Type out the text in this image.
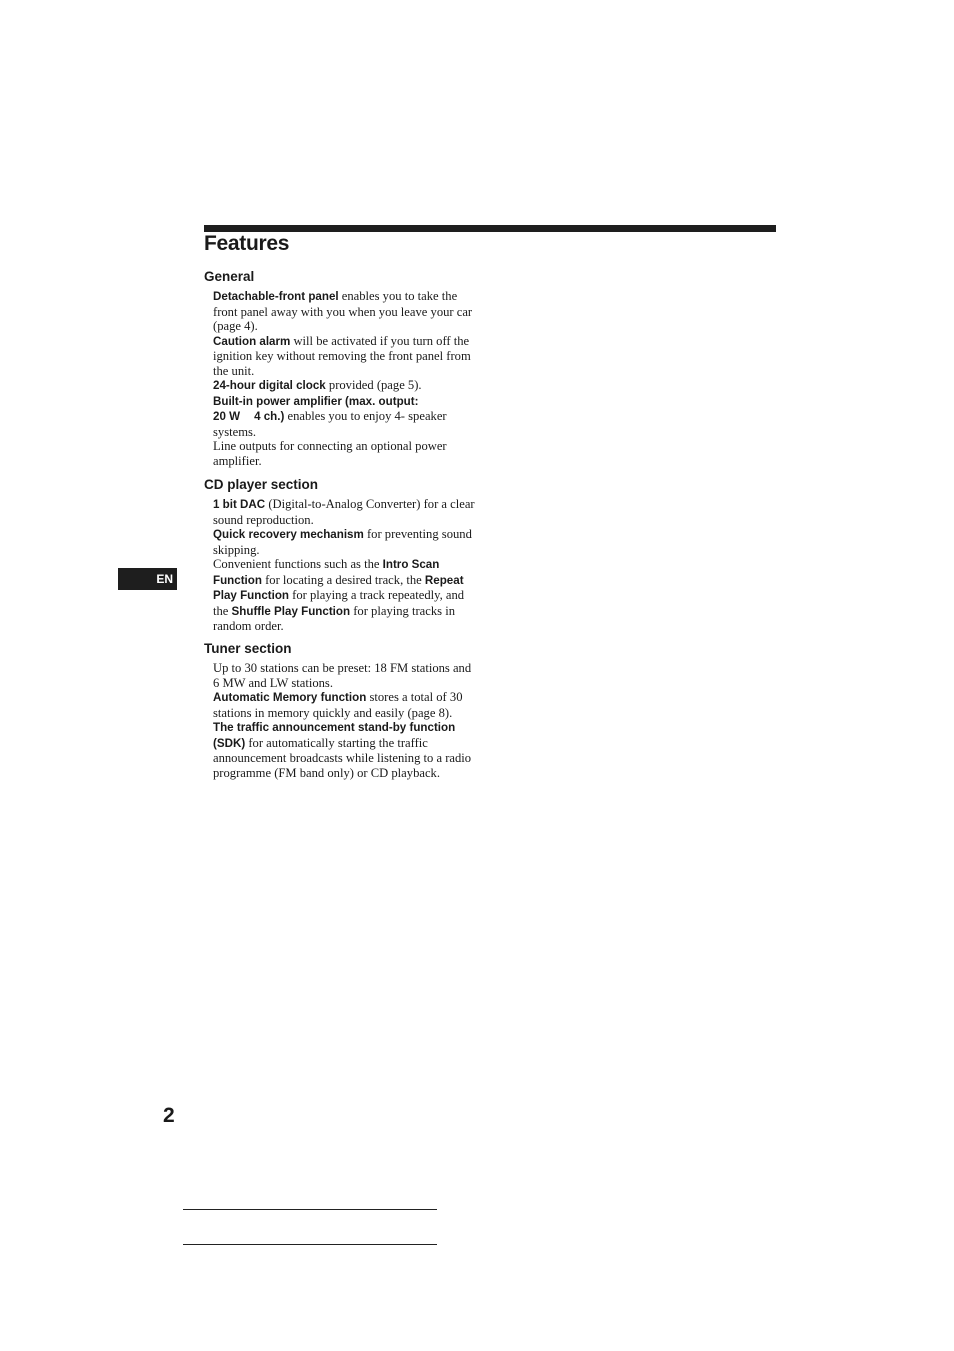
Features
General

Detachable-front panel enables you to take the front panel away with you when you leave your car (page 4).

Caution alarm will be activated if you turn off the ignition key without removing the front panel from the unit.

24-hour digital clock provided (page 5).

Built-in power amplifier (max. output:
20 W 4 ch.) enables you to enjoy 4- speaker systems.

Line outputs for connecting an optional power amplifier.

CD player section

1 bit DAC (Digital-to-Analog Converter) for a clear sound reproduction.

Quick recovery mechanism for preventing sound skipping.

Convenient functions such as the Intro Scan Function for locating a desired track, the Repeat Play Function for playing a track repeatedly, and the Shuffle Play Function for playing tracks in random order.

Tuner section

Up to 30 stations can be preset: 18 FM stations and 6 MW and LW stations.

Automatic Memory function stores a total of 30 stations in memory quickly and easily (page 8).

The traffic announcement stand-by function (SDK) for automatically starting the traffic announcement broadcasts while listening to a radio programme (FM band only) or CD playback.

EN
2
